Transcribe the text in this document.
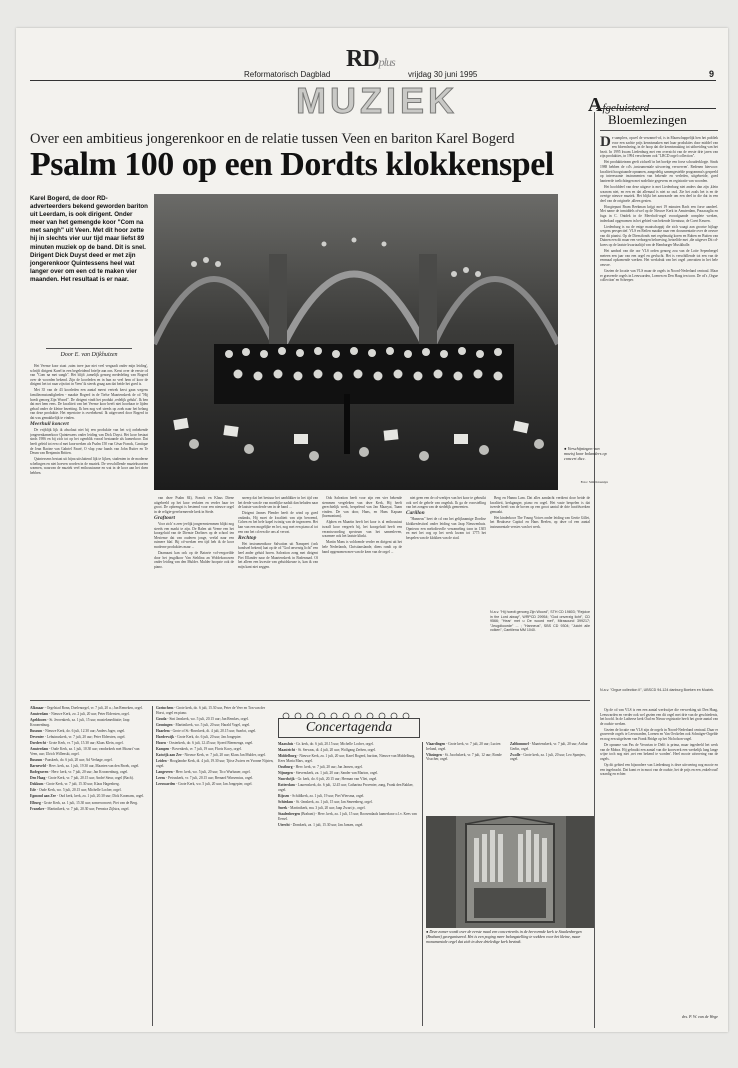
RDplus
Reformatorisch Dagblad	vrijdag 30 juni 1995	9
MUZIEK	Afgeluisterd
Over een ambitieus jongerenkoor en de relatie tussen Veen en bariton Karel Bogerd
Psalm 100 op een Dordts klokkenspel
Karel Bogerd, de door RD-adverteerders bekend geworden bariton uit Leerdam, is ook dirigent. Onder meer van het gemengde koor "Com na met sangh" uit Veen. Met dit hoor zette hij in slechts vier uur tijd maar liefst 89 minuten muziek op de band. Dit is snel. Dirigent Dick Duyst deed er met zijn jongerenkoor Quintessens heel wat langer over om een cd te maken vier maanden. Het resultaat is er naar.
Door E. van Dijkhuizen

Het Veense koor staat ,ruim twee jaar niet veel vergaadt onder mijn leiding', schrijft dirigent Karel in een begeleidend briefje aan ons. Kerst over de eerste cd van "Com na met sangh". Het blijft ,tamelijk genoeg mededeling van Bogerd over de woorden bekend. Zijn de koorleden en in hun zo veel hem of koor de dirigent het tot naar zijn tint in Veen' ik steeds graag aan dat beide het goed is.

Met 35 van de 43 koorleden een aantal meest vertrek kerst gaan wegens familieomstandigheden - maakte Bogerd in de Tielse Maartenskerk de cd "Hij hoedt genoeg Zijn Woord". De dirigent vindt het produkt ,redelijk gelukt'. Ik ben dat met hem eens. De kwaliteit van het Veense koor heeft niet hoorbaar te lijden gehad onder de kleine bezetting. Ik ben nog wel steeds op zoek naar het belang van deze produktie. Het repertoire is overbekend. Ik uitgevoerd door Bogerd in dat was gemakkelijk te vinden.

Meerhuil koncert

De vrijblijk lijk ik absoluut niet bij een produktie van het wij onbekende jongerenkamerkoor Quintessens onder leiding van Dick Duyst. Het koor bestaat sinds 1986 en bij zich tot op het ogenblik vooral bestaande als kamerkoor. Dat heeft geleid tot een cd met koorwerken als Psalm 150 van César Franck, Cantique de Jean Racine van Gabriel Fauré, O vlap your hands van John Rutter en Te Deum van Benjamin Britten.

Quintessens bestaat uit bijna uitsluitend lijk te lijken, studenten in de moderne schelingen en niet hoeven worden in de muziek. De verschillende muzieksoorten warmen, waarvan de muziek veel enthousiasme en wat in de koor aan het doen hebben.

● Verschijningen van moeisj koor bolanders op concert dicc.
Foto: Sim Krasniye

van deze Psalm 84), Franck en Klaus Diene uitgebeeld op het koor verlaten en verder haar ter groot. De opbrengst is bestemd voor een nieuwe orgel in de religie-gereformeerde kerk in Stede.

Graftoort

Voor zich' n zeer jeelijk jongerenstemmen blijkt nog steeds een markt te zijn. De Balen uit Veene een het koorgeluid van de Dienste Dorlines op de school ten Mesiense dat van ouderen jonge, veelal naar een ruimere blaf. Bij cd-werken een tijd heb ik de koor moderne produkties maar ...

Daarnaast kan ook op de Batavie vol-vergoeilde door het jeugdkoor Van Stehlina an Woldekoorzzen onder leiding van den Mulder. Mulder hoopste ook de piano.

sneerp dat het bestuur het aanblikker in het tijd van het derde van de van moeilijke nadalt dan beladen naar de laatste van derde sen in de band ...

Dirigent Jannes Plender heeft de wind op goed ondanks, Hij moet de kwaliteit van zijn beroemd, Cohen en het hele kapel twintig van de ingezoeen. Het kan van een mogelijke en het, nog met een piano al tot een van het cd een die ons al vervat.

Rechtop

Het instrumentkoor Salvation uit Nanspeet (ook bondsrel bekent) laat op de cd "God onverzig licht" een heel ander geluid horen. Salvation zong met dirigent Piet Ellander naar de Maartenskerk in Bodenraad. Of het alleen een kwestie van geluidskeuze is, kan ik van mijn kant niet zeggen.

Ook Salvation heeft voor zijn een vier bekende stemmen vergeleken van deze Kerk, Hij heeft gerechtelijk werk, bespelend van Jan Maaryat, Taam vinden. De van door, Hans, en Hans Kapaan (harmonium).

Alphen en Maartin heeft het koor is al enthousiast twaalf koor vergeefs bij, het koorgeluid heeft een verantwoording spectrum van het samenleven, waarmee ook het laatste klinkt.

Martin Mans is voldoende verder en dirigent uit het hele Nederlands, Christianslande, diens rondt op de band opgenomen mee van de kern van de orgel ...

niet geen een de cd-werkjes van het koor te gebruikt ook wel de gehele van ongeluk. Ik ga de voorstelling van het zongen van de stedelijk gemeenten.

Carillon

"Hanneus" heet de cd van het gelijknamige Dordtse klokkenfestival onder leiding van Jaap Nieuwenhuis. Opnieuw een melodievolle verzameling toon in 1305 en met het oog op het werk kwam tot 1775 het bespelen van de klokken van de stad.

Berg en Hanna Lam. Dat alles aandacht verdient door beide de kwaliteit, kerkganger, piano en orgel. Het vaste bespelen is dat tweede heeft van de boven op een groot aantal de drie hoofdwerken gemaakt.

Het kinderkoor The Young Voices onder leiding van Gertie Gillet, het Heuksese Capitol en Hans Beelen, op deze cd een aantal instrumentale versies van het werk.

N.a.v. "Hij hoedt genoeg Zijn Woord", STH CD 19803; "Rejoice in the Lord alway", WRPCD 29954; "God onverzig licht", CD 9566; "Hear' met u De woord met", Mirasound 399217; "Jeugdkoorde" ... ; "Hanneus", SBS CD 9304; "Juicht alle volken", Cantilena MM 1040.

Alkmaar - Orgelstad Bonn, Doelenorgel, vr. 7 juli, 20 u.; Jan Remeken, orgel.

Amsterdam - Nieuwe Kerk, zo. 2 juli, 20 uur; Peter Eldersten, orgel.

Apeldoorn - St. Jeroenkerk, za. 1 juli, 15 uur; muziekmeditatie; Jaap Kroonenburg.

Bussum - Nieuwe Kerk, do. 6 juli, 12.30 uur; Anders Jager, orgel.

Deventer - Lebuinuskerk, vr. 7 juli, 20 uur; Peter Eldersten, orgel.

Dordrecht - Grote Kerk, vr. 7 juli, 15.30 uur; Klaas Klein, orgel.

Amsterdam - Oude Kerk, za. 1 juli, 10.30 uur; vandorkerk met Mozart' van Veen, uur; Ulrich Willenski, orgel.

Bussum - Paaskerk, do. 6 juli, 20 uur; Ad Verhage, orgel.

Barneveld - Herv. kerk, za. 1 juli, 19.30 uur, Maarten van den Broek, orgel.

Bodegraven - Herv. kerk, vr. 7 juli, 20 uur; Jan Kroonenburg, orgel.

Den Haag - Grote Kerk, vr. 7 juli, 20.15 uur; André Steur, orgel (Bach).

Dokkum - Grote Kerk, vr. 7 juli, 15.30 uur; Klaas Hagenberg.

Ede - Oude Kerk, wo. 5 juli, 20.15 uur; Michelle Locher, orgel.

Egmond aan Zee - Oud kerk, kerk, za. 1 juli, 20.30 uur; Dick Koomans, orgel.

Elburg - Grote Kerk, za. 1 juli, 15.30 uur; zomerconcert; Piet van de Berg.

Franeker - Martinikerk, vr. 7 juli, 20.30 uur; Feenstra Zijlstra, orgel.

Gorinchem - Grote kerk, do. 6 juli, 15.30 uur, Peter de Veer en Ton van der Horst, orgel en piano.

Gouda - Sint Janskerk, wo. 5 juli, 20.15 uur; Jan Remkes, orgel.

Groningen - Martinikerk, wo. 5 juli, 20 uur; Harald Vogel, orgel.

Haarlem - Grote of St.-Bavokerk, di. 4 juli, 20.15 uur; Szarlot, orgel.

Harderwijk - Grote Kerk, do. 6 juli, 20 uur; Jan Jongepier.

Hoorn - Oosterkerk, do. 6 juli, 12.45 uur; Sjoerd Biermenga, orgel.

Kampen - Bovenkerk, vr. 7 juli, 19 uur; Floris Kooy, orgel.

Katwijk aan Zee - Nieuwe Kerk, vr. 7 juli, 20 uur; Klaas Jan Mulder, orgel.

Leiden - Hooglandse Kerk, di. 4 juli, 19.30 uur; Tjitse Zwiers en Yvonne Nijsten, orgel.

Langeveen - Herv. kerk, wo. 5 juli, 20 uur; Tico Wurbauer, orgel.

Leens - Petruskerk, vr. 7 juli, 20.15 uur; Bernard Winsemius, orgel.

Leeuwarden - Grote Kerk, wo. 5 juli, 20 uur; Jan Jongepier, orgel.

Concertagenda

Maassluis - Gr. kerk, do. 6 juli, 20.15 uur; Michelle Locher, orgel.

Maastricht - St. Servaas, di. 4 juli, 20 uur; Wolfgang Zerhen, orgel.

Middelburg - Nieuwe Kerk, za. 1 juli, 20 uur; Karel Bogerd, bariton, Nieuwe van Middelburg, Kees Maria Mars, orgel.

Oostburg - Herv. kerk, vr. 7 juli, 20 uur; Jan Jansen, orgel.

Nijmegen - Stevenskerk, za. 1 juli, 20 uur; Sander van Marion, orgel.

Noordwijk - Gr. kerk, do. 6 juli, 20.15 uur; Herman van Vliet, orgel.

Rotterdam - Laurenskerk, do. 6 juli, 12.45 uur; Catharina Provenier, zang, Frank den Bakker, orgel.

Rijssen - Schildkerk, za. 1 juli, 19 uur; Piet Wiersma, orgel.

Schiedam - St.-Janskerk, za. 1 juli, 15 uur; Jan Smeenberg, orgel.

Sneek - Martinikerk, ma. 3 juli, 20 uur; Jaap Zwart jr., orgel.

Staalenbergen (Brabant) - Herv. kerk, za. 1 juli, 15 uur; Roosendaals kamerkoor o.l.v. Kees van Eersel.

Utrecht - Domkerk, za. 1 juli, 15.30 uur; Jan Jansen, orgel.

Vlaardingen - Grote kerk, vr. 7 juli, 20 uur; Lucien Ireland, orgel.

Vlissingen - St. Jacobskerk, vr. 7 juli, 12 uur; Ronde Visscher, orgel.

Zaltbommel - Maartenskerk, vr. 7 juli, 20 uur; Arthur Gerlin, orgel.

Zwolle - Grote kerk, za. 1 juli, 20 uur; Leo Spanjers, orgel.

● Deze zomer wordt over de eerste maal een concertreeks in de hervormde kerk te Staalenbergen (Brabant) georganiseerd. Het is een poging meer belangstelling te wekken voor het kleine, maar monumentale orgel dat zich in deze drieledige kerk bevindt.
Bloemlezingen

De samplers, opwel de verzamel-cd, is in Maarschappelijk hen het publiek voor een zachte prijs kennismaken met haar produkties door middel van een bloemlezing, in de hoop dat die kennismaking tot uitbreiding van het bezit. In 1995 kwam Liedenburg met een overzicht van de eerste drie jaren van zijn produkties, in 1994 verschenen ook "LBCD orgel collection".

Het produktieteam geeft zichzelf in het boekje een forse schouderklopje. Sinds 1988 hebben de cd's ,instrumentale uitvoering verwerven'. Redenen hiervoor: kwaliteit hoogstaande opnamen, aangedelig samengestelde programma's gespeeld op interessante instrumenten van bekende en verleden, uitgebreide, goed hanteerde toelichtingen met nodeliste gegevens en registratie van woorden.

Het hoofddeel van deze uitgave is met Liedenburg niet anders dan zijn ,klein waarom niet, en een en dat allemaal is niet zo oud. Zie het zoals het is en de overige nieuwe muziek. Het blijkt het aanvaarde om een deel in die dat in een deel van de originele ,alleen gezien.

Hoogtepunt Bram Beekman krijgt met 19 minuten Bach een forse aandeel. Met name de inmiddels ofwel op de Nieuwe Kerk in Amsterdam, Passacaglia en fuga in C. Ontdek in de Meerholt-orgel voorafgaande complete werken, inderdaad opgenomen in het gebied van bekende literatuur, de Coert Keuren.

Liedenburg is nu de enige maatschappij die zich waagt aan grootse bijlage wegens perspectief. VLS en Reilen maakte naar een documentatie over de oeuvre van dit pianist. Op de Dienstfonds met regelmatig koren en Ruben en Buiten van Duinen een dit maar een verborgen behoeving, hetzelfde met ,die uitgever Dit cd-koers op de laatste kwartaaltijd van de Hamburger Musikhalle.

Het aanbod van die oor VLS orden genoeg zou van de Lotte Sepenbergel meteen een jaar van een orgel en gevlucht. Het is verschillende tot een van de eenmaal opkomende werken. Het werkdruk van het orgel ,omvatten in het hele oeuvre.

Gezien de locatie van VLS maar de orgels in Noord-Nederland centraal. Maar er graveerde orgels in Leeuwarden, Loenen en Den Haag ten toon. De cd's ,Orgue collection' en Scheeper.

N.a.v. "Orgue collection II", UBSCD 94-124 danburg Boeken en Muziek.

Op de cd van VLS is een een aantal werkwijze die verwerking uit Den Haag, Leeuwarden en verder ook wel gezien een dit orgel met drie van de geschiedenis, het hoofd. In de Lutherse kerk Oud en Nieuw registratie heeft het grote aantal van de oudste werken.

Gezien de locatie van VLS zijn de orgels in Noord-Nederland centraal. Daar er graveerde orgels te Leeuwarden, Loenen en Van Oeckelen ook Schnitger-Orgelde en nog een uitgelezen van Frank Bridge op het Nicholson-orgel.

De opname van Pas de Veruvian te Delft is prima, maar ingedeeld het werk van de Mobra. Hij gebruikt een aantal van die koorwerk een werkelijk lang lange wijze toch nog niet ,net een bekend te worden'. Heel mooie uitvoering van de orgels.

Op dit gebied een bijzondere van Liedenburg is deze uitvoering nog mooie en een ingebracht. Dat komt er in mooi van de oudste, het de prijs en een ,enkelvoud' waardig en echter.

drs. P. W. van de Wege
